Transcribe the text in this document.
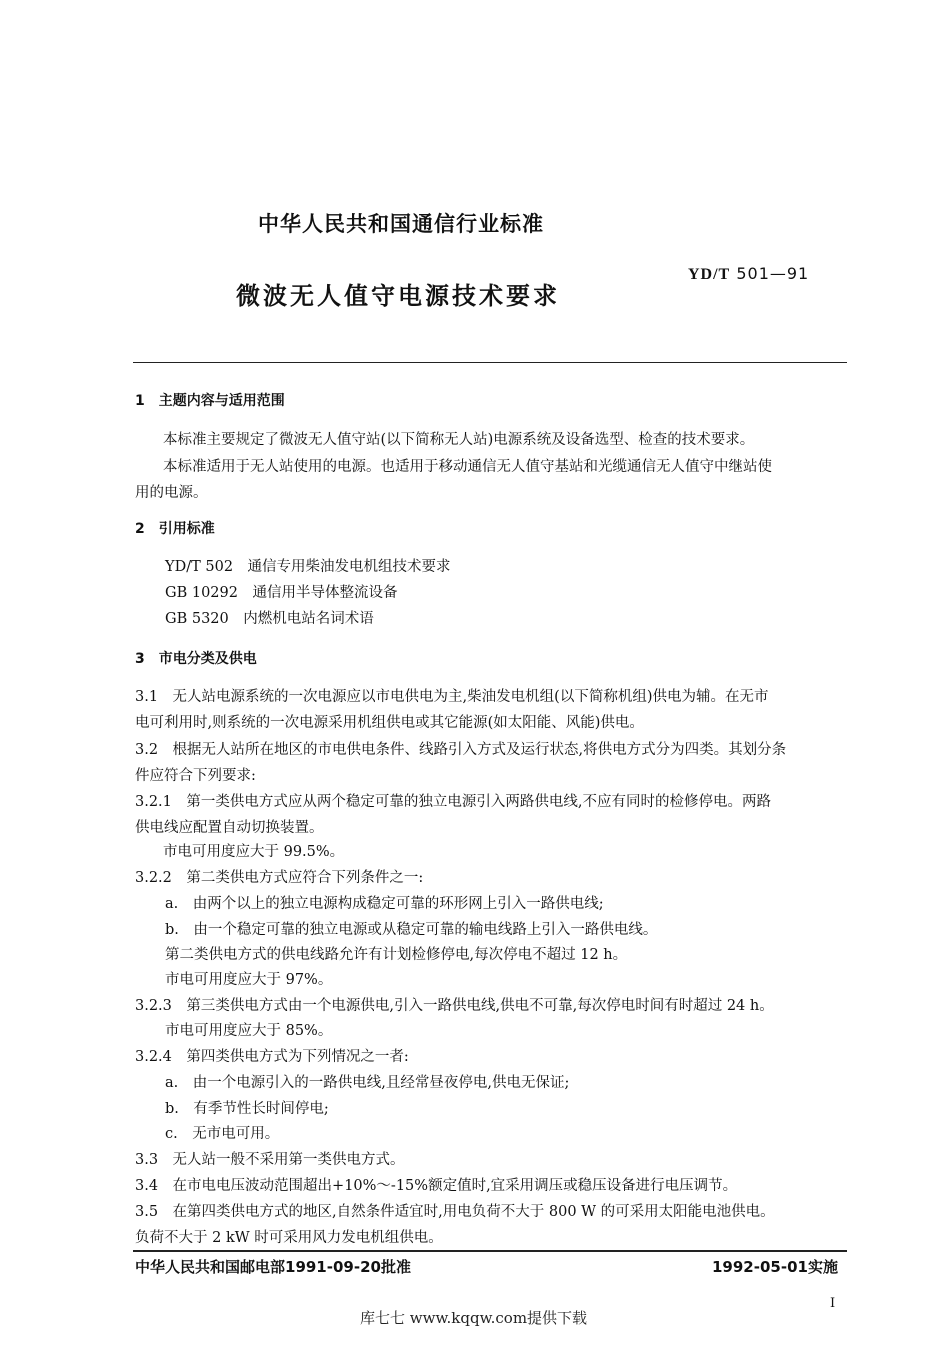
中华人民共和国通信行业标准
微波无人值守电源技术要求
YD/T 501—91
1　主题内容与适用范围
本标准主要规定了微波无人值守站(以下简称无人站)电源系统及设备选型、检查的技术要求。
本标准适用于无人站使用的电源。也适用于移动通信无人值守基站和光缆通信无人值守中继站使
用的电源。
2　引用标准
YD/T 502　通信专用柴油发电机组技术要求
GB 10292　通信用半导体整流设备
GB 5320　内燃机电站名词术语
3　市电分类及供电
3.1　无人站电源系统的一次电源应以市电供电为主,柴油发电机组(以下简称机组)供电为辅。在无市
电可利用时,则系统的一次电源采用机组供电或其它能源(如太阳能、风能)供电。
3.2　根据无人站所在地区的市电供电条件、线路引入方式及运行状态,将供电方式分为四类。其划分条
件应符合下列要求:
3.2.1　第一类供电方式应从两个稳定可靠的独立电源引入两路供电线,不应有同时的检修停电。两路
供电线应配置自动切换装置。
市电可用度应大于 99.5%。
3.2.2　第二类供电方式应符合下列条件之一:
a.　由两个以上的独立电源构成稳定可靠的环形网上引入一路供电线;
b.　由一个稳定可靠的独立电源或从稳定可靠的输电线路上引入一路供电线。
第二类供电方式的供电线路允许有计划检修停电,每次停电不超过 12 h。
市电可用度应大于 97%。
3.2.3　第三类供电方式由一个电源供电,引入一路供电线,供电不可靠,每次停电时间有时超过 24 h。
市电可用度应大于 85%。
3.2.4　第四类供电方式为下列情况之一者:
a.　由一个电源引入的一路供电线,且经常昼夜停电,供电无保证;
b.　有季节性长时间停电;
c.　无市电可用。
3.3　无人站一般不采用第一类供电方式。
3.4　在市电电压波动范围超出+10%～-15%额定值时,宜采用调压或稳压设备进行电压调节。
3.5　在第四类供电方式的地区,自然条件适宜时,用电负荷不大于 800 W 的可采用太阳能电池供电。
负荷不大于 2 kW 时可采用风力发电机组供电。
中华人民共和国邮电部1991-09-20批准	1992-05-01实施
I
库七七 www.kqqw.com提供下载
